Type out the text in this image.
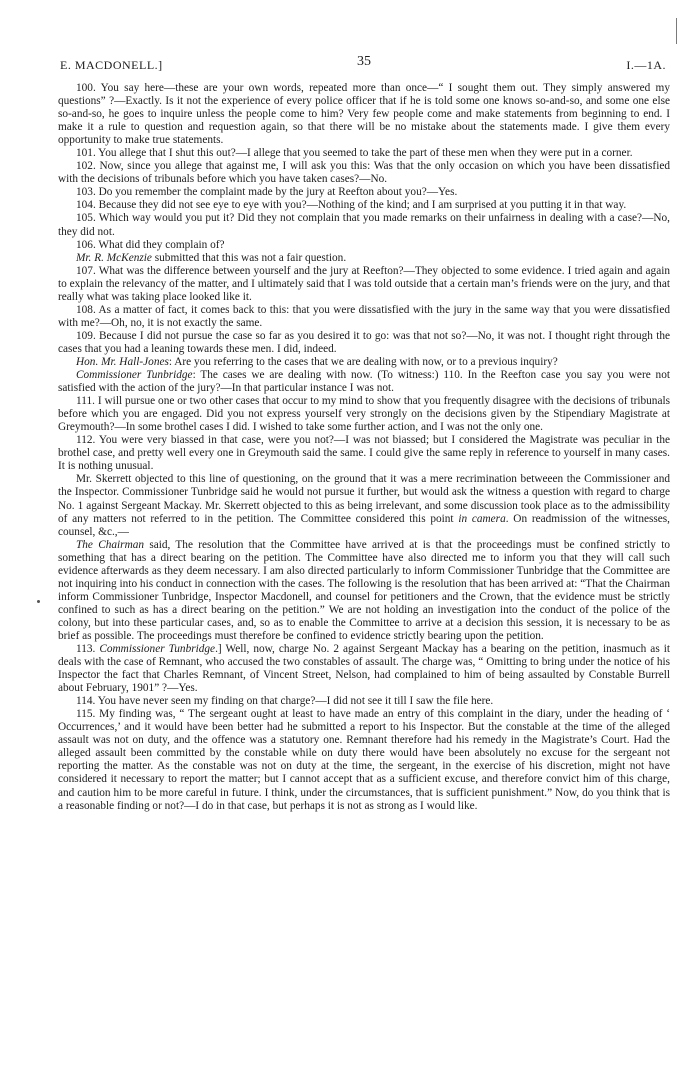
E. MACDONELL.]	35	I.—1A.

100. You say here—these are your own words, repeated more than once—“ I sought them out. They simply answered my questions” ?—Exactly. Is it not the experience of every police officer that if he is told some one knows so-and-so, and some one else so-and-so, he goes to inquire unless the people come to him? Very few people come and make statements from beginning to end. I make it a rule to question and requestion again, so that there will be no mistake about the statements made. I give them every opportunity to make true statements.

101. You allege that I shut this out?—I allege that you seemed to take the part of these men when they were put in a corner.

102. Now, since you allege that against me, I will ask you this: Was that the only occasion on which you have been dissatisfied with the decisions of tribunals before which you have taken cases?—No.

103. Do you remember the complaint made by the jury at Reefton about you?—Yes.

104. Because they did not see eye to eye with you?—Nothing of the kind; and I am surprised at you putting it in that way.

105. Which way would you put it? Did they not complain that you made remarks on their unfairness in dealing with a case?—No, they did not.

106. What did they complain of?

Mr. R. McKenzie submitted that this was not a fair question.

107. What was the difference between yourself and the jury at Reefton?—They objected to some evidence. I tried again and again to explain the relevancy of the matter, and I ultimately said that I was told outside that a certain man’s friends were on the jury, and that really what was taking place looked like it.

108. As a matter of fact, it comes back to this: that you were dissatisfied with the jury in the same way that you were dissatisfied with me?—Oh, no, it is not exactly the same.

109. Because I did not pursue the case so far as you desired it to go: was that not so?—No, it was not. I thought right through the cases that you had a leaning towards these men. I did, indeed.

Hon. Mr. Hall-Jones: Are you referring to the cases that we are dealing with now, or to a previous inquiry?

Commissioner Tunbridge: The cases we are dealing with now. (To witness:) 110. In the Reefton case you say you were not satisfied with the action of the jury?—In that particular instance I was not.

111. I will pursue one or two other cases that occur to my mind to show that you frequently disagree with the decisions of tribunals before which you are engaged. Did you not express yourself very strongly on the decisions given by the Stipendiary Magistrate at Greymouth?—In some brothel cases I did. I wished to take some further action, and I was not the only one.

112. You were very biassed in that case, were you not?—I was not biassed; but I considered the Magistrate was peculiar in the brothel case, and pretty well every one in Greymouth said the same. I could give the same reply in reference to yourself in many cases. It is nothing unusual.

Mr. Skerrett objected to this line of questioning, on the ground that it was a mere recrimination betweeen the Commissioner and the Inspector. Commissioner Tunbridge said he would not pursue it further, but would ask the witness a question with regard to charge No. 1 against Sergeant Mackay. Mr. Skerrett objected to this as being irrelevant, and some discussion took place as to the admissibility of any matters not referred to in the petition. The Committee considered this point in camera. On readmission of the witnesses, counsel, &c.,—

The Chairman said, The resolution that the Committee have arrived at is that the proceedings must be confined strictly to something that has a direct bearing on the petition. The Committee have also directed me to inform you that they will call such evidence afterwards as they deem necessary. I am also directed particularly to inform Commissioner Tunbridge that the Committee are not inquiring into his conduct in connection with the cases. The following is the resolution that has been arrived at: “That the Chairman inform Commissioner Tunbridge, Inspector Macdonell, and counsel for petitioners and the Crown, that the evidence must be strictly confined to such as has a direct bearing on the petition.” We are not holding an investigation into the conduct of the police of the colony, but into these particular cases, and, so as to enable the Committee to arrive at a decision this session, it is necessary to be as brief as possible. The proceedings must therefore be confined to evidence strictly bearing upon the petition.

113. Commissioner Tunbridge.] Well, now, charge No. 2 against Sergeant Mackay has a bearing on the petition, inasmuch as it deals with the case of Remnant, who accused the two constables of assault. The charge was, “ Omitting to bring under the notice of his Inspector the fact that Charles Remnant, of Vincent Street, Nelson, had complained to him of being assaulted by Constable Burrell about February, 1901” ?—Yes.

114. You have never seen my finding on that charge?—I did not see it till I saw the file here.

115. My finding was, “ The sergeant ought at least to have made an entry of this complaint in the diary, under the heading of ‘ Occurrences,’ and it would have been better had he submitted a report to his Inspector. But the constable at the time of the alleged assault was not on duty, and the offence was a statutory one. Remnant therefore had his remedy in the Magistrate’s Court. Had the alleged assault been committed by the constable while on duty there would have been absolutely no excuse for the sergeant not reporting the matter. As the constable was not on duty at the time, the sergeant, in the exercise of his discretion, might not have considered it necessary to report the matter; but I cannot accept that as a sufficient excuse, and therefore convict him of this charge, and caution him to be more careful in future. I think, under the circumstances, that is sufficient punishment.” Now, do you think that is a reasonable finding or not?—I do in that case, but perhaps it is not as strong as I would like.
